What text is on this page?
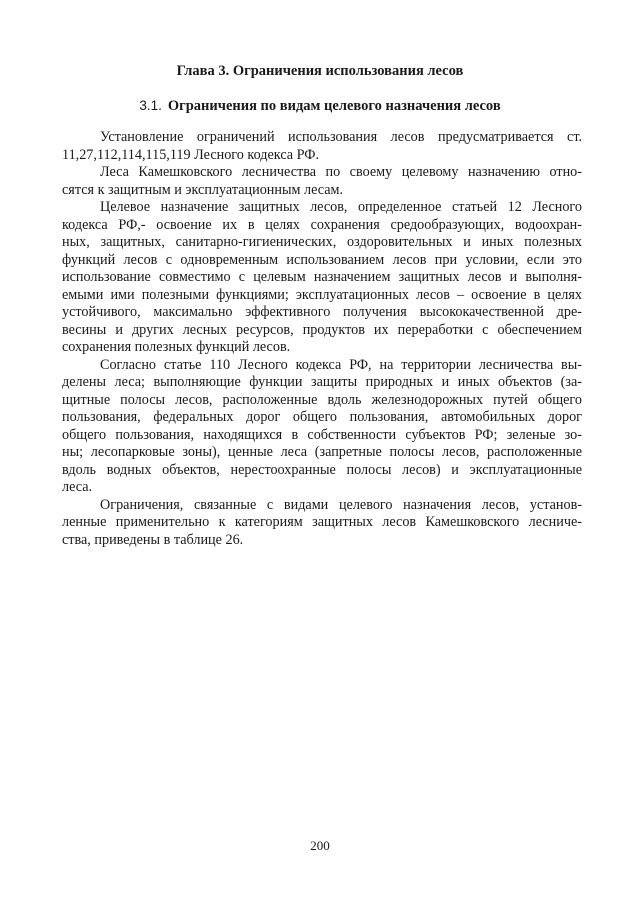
Глава 3. Ограничения использования лесов
3.1. Ограничения по видам целевого назначения лесов
Установление ограничений использования лесов предусматривается ст.
11,27,112,114,115,119 Лесного кодекса РФ.
Леса Камешковского лесничества по своему целевому назначению отно-
сятся к защитным и эксплуатационным лесам.
Целевое назначение защитных лесов, определенное статьей 12 Лесного
кодекса РФ,- освоение их в целях сохранения средообразующих, водоохран-
ных, защитных, санитарно-гигиенических, оздоровительных и иных полезных
функций лесов с одновременным использованием лесов при условии, если это
использование совместимо с целевым назначением защитных лесов и выполня-
емыми ими полезными функциями; эксплуатационных лесов – освоение в целях
устойчивого, максимально эффективного получения высококачественной дре-
весины и других лесных ресурсов, продуктов их переработки с обеспечением
сохранения полезных функций лесов.
Согласно статье 110 Лесного кодекса РФ, на территории лесничества вы-
делены леса; выполняющие функции защиты природных и иных объектов (за-
щитные полосы лесов, расположенные вдоль железнодорожных путей общего
пользования, федеральных дорог общего пользования, автомобильных дорог
общего пользования, находящихся в собственности субъектов РФ; зеленые зо-
ны; лесопарковые зоны), ценные леса (запретные полосы лесов, расположенные
вдоль водных объектов, нерестоохранные полосы лесов) и эксплуатационные
леса.
Ограничения, связанные с видами целевого назначения лесов, установ-
ленные применительно к категориям защитных лесов Камешковского лесниче-
ства, приведены в таблице 26.
200
